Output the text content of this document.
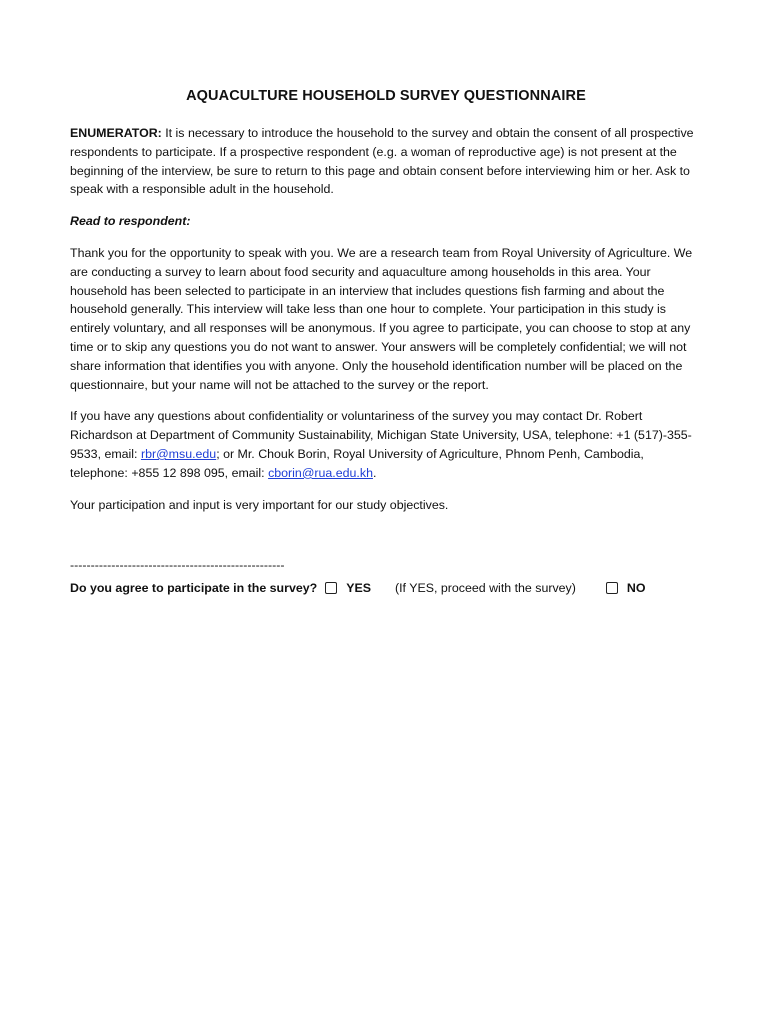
AQUACULTURE HOUSEHOLD SURVEY QUESTIONNAIRE

ENUMERATOR: It is necessary to introduce the household to the survey and obtain the consent of all prospective respondents to participate. If a prospective respondent (e.g. a woman of reproductive age) is not present at the beginning of the interview, be sure to return to this page and obtain consent before interviewing him or her. Ask to speak with a responsible adult in the household.

Read to respondent:

Thank you for the opportunity to speak with you. We are a research team from Royal University of Agriculture. We are conducting a survey to learn about food security and aquaculture among households in this area. Your household has been selected to participate in an interview that includes questions fish farming and about the household generally. This interview will take less than one hour to complete. Your participation in this study is entirely voluntary, and all responses will be anonymous. If you agree to participate, you can choose to stop at any time or to skip any questions you do not want to answer. Your answers will be completely confidential; we will not share information that identifies you with anyone. Only the household identification number will be placed on the questionnaire, but your name will not be attached to the survey or the report.

If you have any questions about confidentiality or voluntariness of the survey you may contact Dr. Robert Richardson at Department of Community Sustainability, Michigan State University, USA, telephone: +1 (517)-355-9533, email: rbr@msu.edu; or Mr. Chouk Borin, Royal University of Agriculture, Phnom Penh, Cambodia, telephone: +855 12 898 095, email: cborin@rua.edu.kh.

Your participation and input is very important for our study objectives.

----------------------------------------------------
Do you agree to participate in the survey? YES (If YES, proceed with the survey)	NO
